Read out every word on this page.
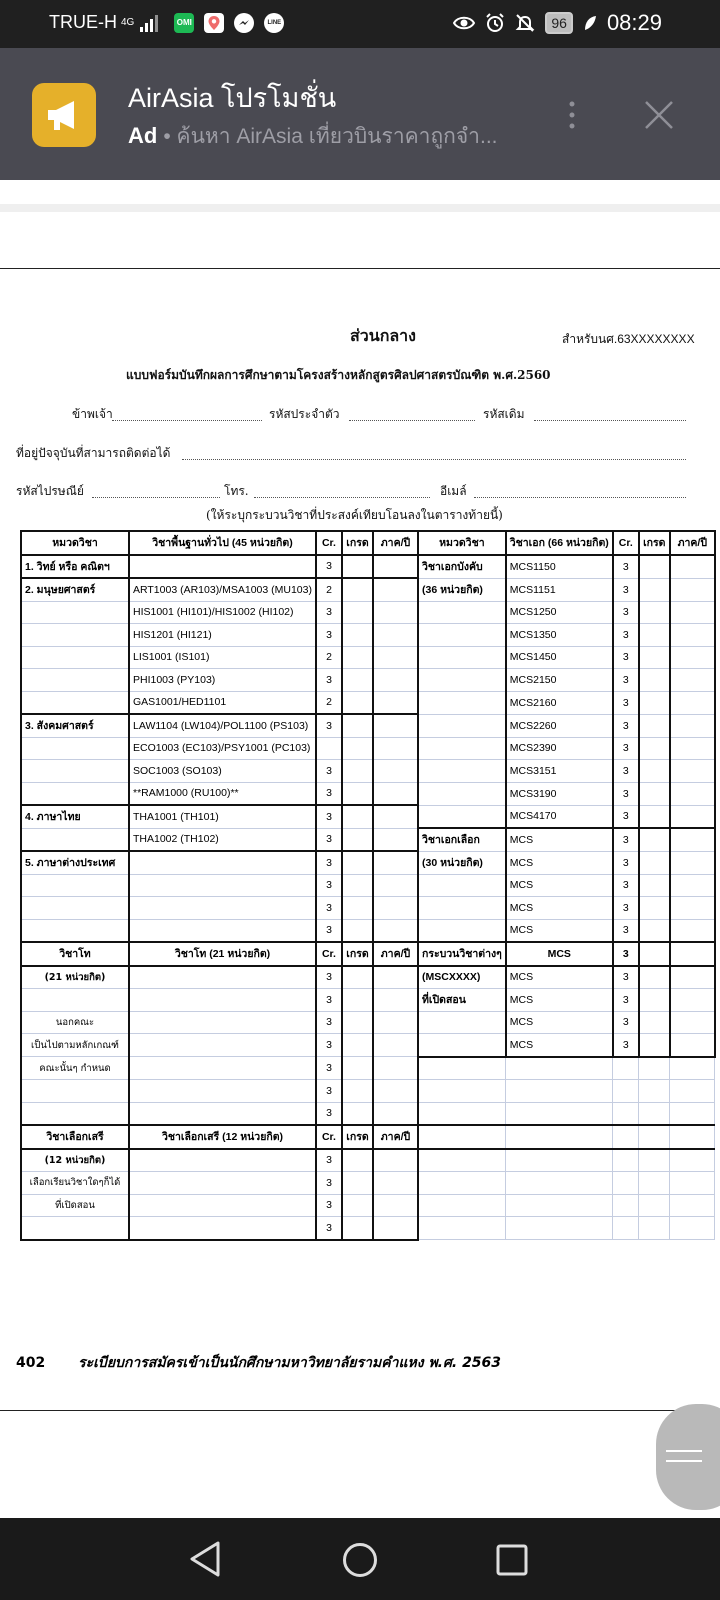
TRUE-H 4G	OMI	LINE	96 08:29
AirAsia โปรโมชั่น
Ad • ค้นหา AirAsia เที่ยวบินราคาถูกจำ...
ส่วนกลาง	สำหรับนศ.63XXXXXXXX
แบบฟอร์มบันทึกผลการศึกษาตามโครงสร้างหลักสูตรศิลปศาสตรบัณฑิต พ.ศ.2560
ข้าพเจ้า	รหัสประจำตัว	รหัสเดิม
ที่อยู่ปัจจุบันที่สามารถติดต่อได้
รหัสไปรษณีย์	โทร.	อีเมล์
(ให้ระบุกระบวนวิชาที่ประสงค์เทียบโอนลงในตารางท้ายนี้)
หมวดวิชา	วิชาพื้นฐานทั่วไป (45 หน่วยกิต)	Cr.	เกรด	ภาค/ปี	หมวดวิชา	วิชาเอก (66 หน่วยกิต)	Cr.	เกรด	ภาค/ปี
1. วิทย์ หรือ คณิตฯ		3			วิชาเอกบังคับ	MCS1150	3		
2. มนุษยศาสตร์	ART1003 (AR103)/MSA1003 (MU103)	2			(36 หน่วยกิต)	MCS1151	3		
	HIS1001 (HI101)/HIS1002 (HI102)	3				MCS1250	3		
	HIS1201 (HI121)	3				MCS1350	3		
	LIS1001 (IS101)	2				MCS1450	3		
	PHI1003 (PY103)	3				MCS2150	3		
	GAS1001/HED1101	2				MCS2160	3		
3. สังคมศาสตร์	LAW1104 (LW104)/POL1100 (PS103)	3				MCS2260	3		
	ECO1003 (EC103)/PSY1001 (PC103)					MCS2390	3		
	SOC1003 (SO103)	3				MCS3151	3		
	**RAM1000 (RU100)**	3				MCS3190	3		
4. ภาษาไทย	THA1001 (TH101)	3				MCS4170	3		
	THA1002 (TH102)	3			วิชาเอกเลือก	MCS	3		
5. ภาษาต่างประเทศ		3			(30 หน่วยกิต)	MCS	3		
		3				MCS	3		
		3				MCS	3		
		3				MCS	3		
วิชาโท	วิชาโท (21 หน่วยกิต)	Cr.	เกรด	ภาค/ปี	กระบวนวิชาต่างๆ	MCS	3		
(21 หน่วยกิต)		3			(MSCXXXX)	MCS	3		
		3			ที่เปิดสอน	MCS	3		
นอกคณะ		3				MCS	3		
เป็นไปตามหลักเกณฑ์		3				MCS	3		
คณะนั้นๆ กำหนด		3							
		3							
		3							
วิชาเลือกเสรี	วิชาเลือกเสรี (12 หน่วยกิต)	Cr.	เกรด	ภาค/ปี					
(12 หน่วยกิต)		3							
เลือกเรียนวิชาใดๆก็ได้		3							
ที่เปิดสอน		3							
		3							
402 ระเบียบการสมัครเข้าเป็นนักศึกษามหาวิทยาลัยรามคำแหง พ.ศ. 2563
